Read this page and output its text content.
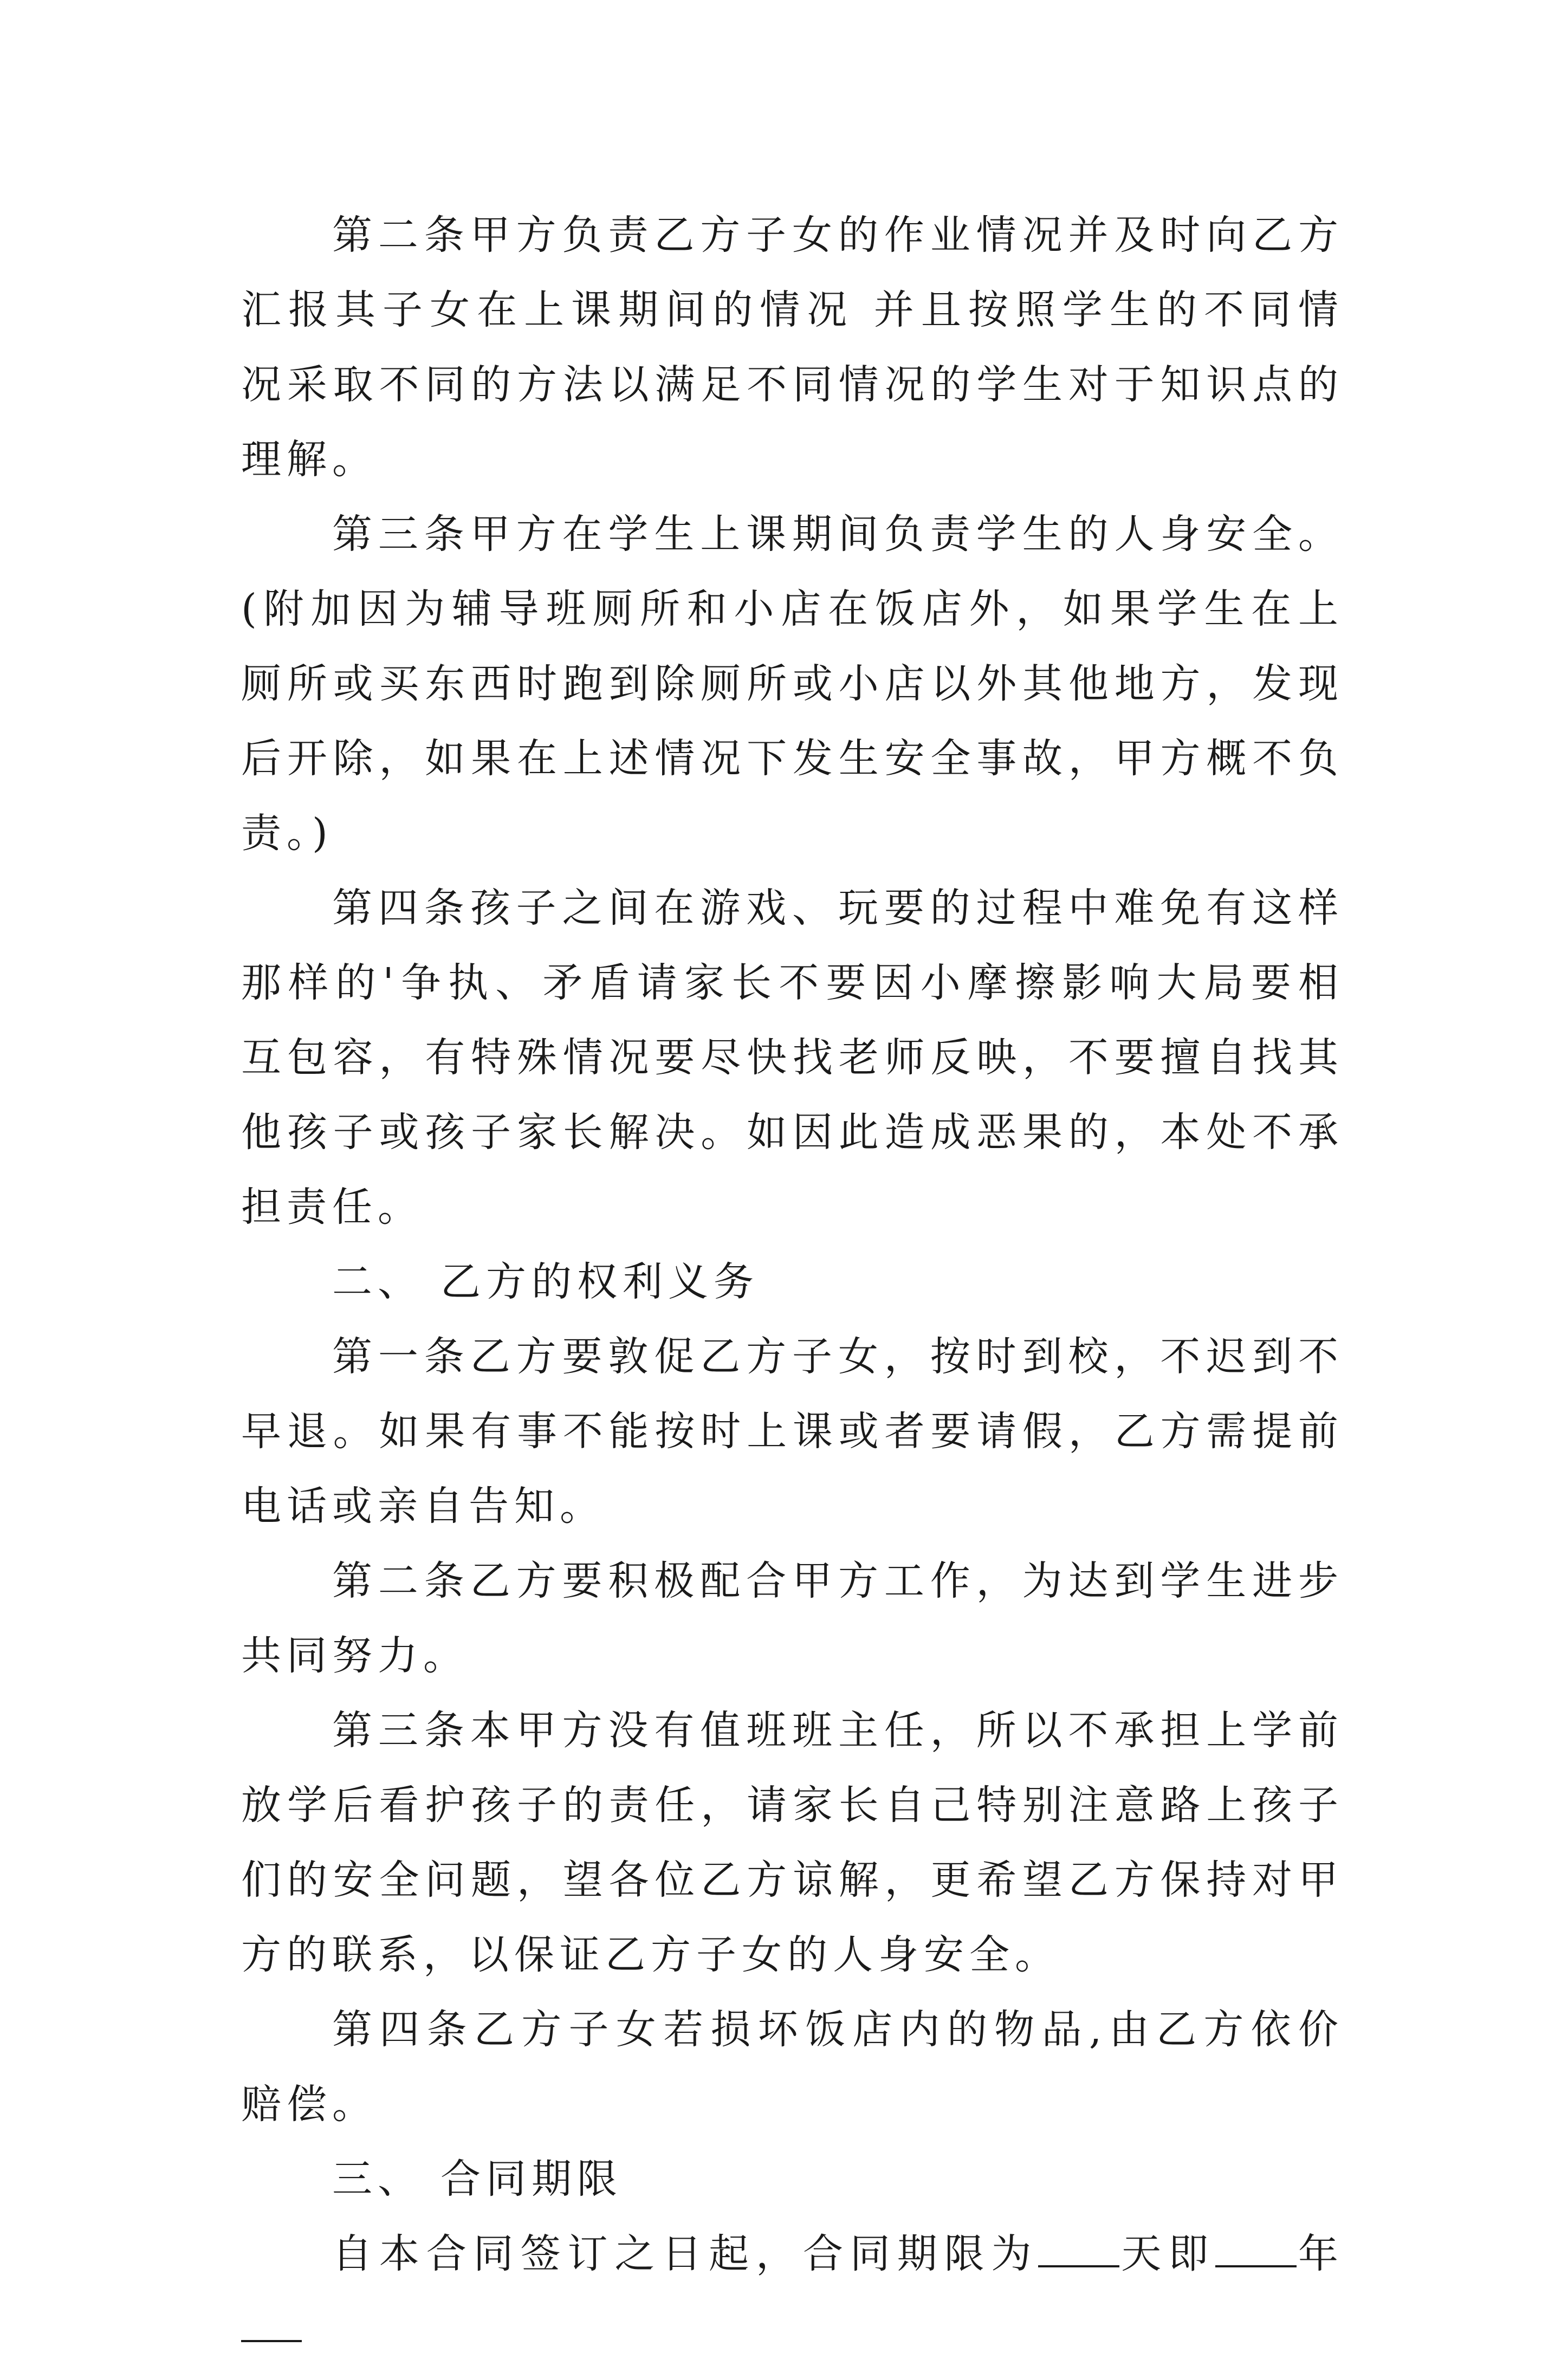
第二条甲方负责乙方子女的作业情况并及时向乙方汇报其子女在上课期间的情况 并且按照学生的不同情况采取不同的方法以满足不同情况的学生对于知识点的理解。

第三条甲方在学生上课期间负责学生的人身安全。(附加因为辅导班厕所和小店在饭店外，如果学生在上厕所或买东西时跑到除厕所或小店以外其他地方，发现后开除，如果在上述情况下发生安全事故，甲方概不负责。)

第四条孩子之间在游戏、玩要的过程中难免有这样那样的'争执、矛盾请家长不要因小摩擦影响大局要相互包容，有特殊情况要尽快找老师反映，不要擅自找其他孩子或孩子家长解决。如因此造成恶果的，本处不承担责任。

二、 乙方的权利义务

第一条乙方要敦促乙方子女，按时到校，不迟到不早退。如果有事不能按时上课或者要请假，乙方需提前电话或亲自告知。

第二条乙方要积极配合甲方工作，为达到学生进步共同努力。

第三条本甲方没有值班班主任，所以不承担上学前放学后看护孩子的责任，请家长自己特别注意路上孩子们的安全问题，望各位乙方谅解，更希望乙方保持对甲方的联系，以保证乙方子女的人身安全。

第四条乙方子女若损坏饭店内的物品,由乙方依价赔偿。

三、 合同期限

自本合同签订之日起，合同期限为 天即 年
